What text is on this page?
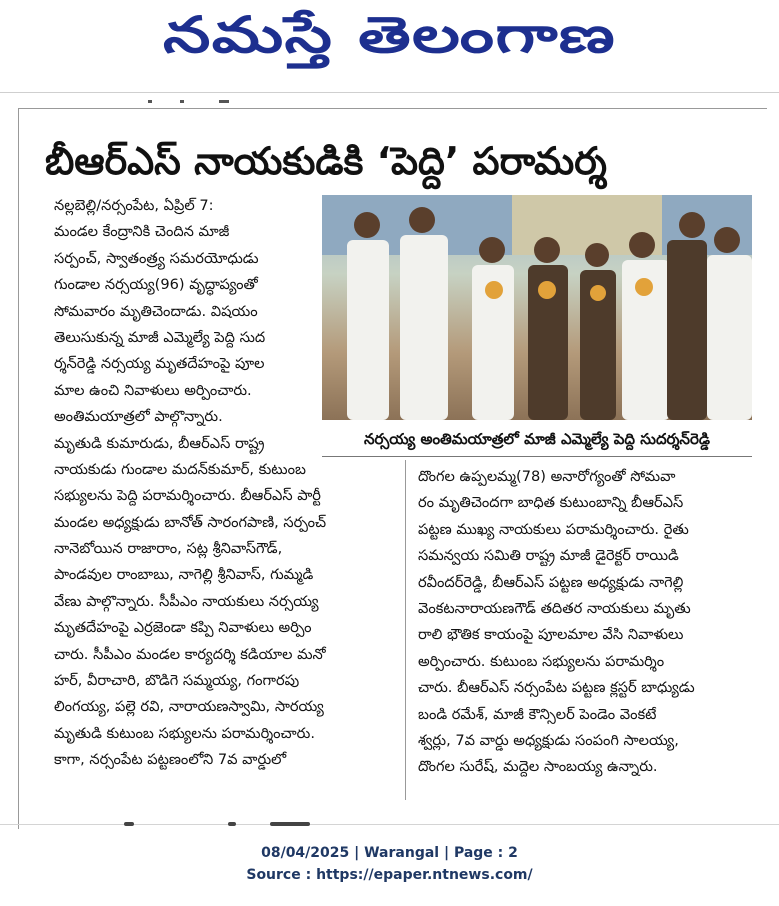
నమస్తే తెలంగాణ
బీఆర్ఎస్ నాయకుడికి ‘పెద్ది’ పరామర్శ
నల్లబెల్లి/నర్సంపేట, ఏప్రిల్ 7:
మండల కేంద్రానికి చెందిన మాజీ
సర్పంచ్, స్వాతంత్ర్య సమరయోధుడు
గుండాల నర్సయ్య(96) వృద్ధాప్యంతో
సోమవారం మృతిచెందాడు. విషయం
తెలుసుకున్న మాజీ ఎమ్మెల్యే పెద్ది సుద
ర్శన్‌రెడ్డి నర్సయ్య మృతదేహంపై పూల
మాల ఉంచి నివాళులు అర్పించారు.
అంతిమయాత్రలో పాల్గొన్నారు.
మృతుడి కుమారుడు, బీఆర్ఎస్ రాష్ట్ర
నాయకుడు గుండాల మదన్‌కుమార్, కుటుంబ
సభ్యులను పెద్ది పరామర్శించారు. బీఆర్ఎస్ పార్టీ
మండల అధ్యక్షుడు బానోత్ సారంగపాణి, సర్పంచ్
నానెబోయిన రాజారాం, సట్ల శ్రీనివాస్‌గౌడ్,
పాండవుల రాంబాబు, నాగెల్లి శ్రీనివాస్, గుమ్మడి
వేణు పాల్గొన్నారు. సీపీఎం నాయకులు నర్సయ్య
మృతదేహంపై ఎర్రజెండా కప్పి నివాళులు అర్పిం
చారు. సీపీఎం మండల కార్యదర్శి కడియాల మనో
హర్, వీరాచారి, బొడిగె సమ్మయ్య, గంగారపు
లింగయ్య, పల్లె రవి, నారాయణస్వామి, సారయ్య
మృతుడి కుటుంబ సభ్యులను పరామర్శించారు.
కాగా, నర్సంపేట పట్టణంలోని 7వ వార్డులో
నర్సయ్య అంతిమయాత్రలో మాజీ ఎమ్మెల్యే పెద్ది సుదర్శన్‌రెడ్డి
దొంగల ఉప్పలమ్మ(78) అనారోగ్యంతో సోమవా
రం మృతిచెందగా బాధిత కుటుంబాన్ని బీఆర్ఎస్
పట్టణ ముఖ్య నాయకులు పరామర్శించారు. రైతు
సమన్వయ సమితి రాష్ట్ర మాజీ డైరెక్టర్ రాయిడి
రవీందర్‌రెడ్డి, బీఆర్ఎస్ పట్టణ అధ్యక్షుడు నాగెల్లి
వెంకటనారాయణగౌడ్ తదితర నాయకులు మృతు
రాలి భౌతిక కాయంపై పూలమాల వేసి నివాళులు
అర్పించారు. కుటుంబ సభ్యులను పరామర్శిం
చారు. బీఆర్ఎస్ నర్సంపేట పట్టణ క్లస్టర్ బాధ్యుడు
బండి రమేశ్, మాజీ కౌన్సిలర్ పెండెం వెంకటే
శ్వర్లు, 7వ వార్డు అధ్యక్షుడు సంపంగి సాలయ్య,
దొంగల సురేష్, మద్దెల సాంబయ్య ఉన్నారు.
08/04/2025 | Warangal | Page : 2
Source : https://epaper.ntnews.com/
